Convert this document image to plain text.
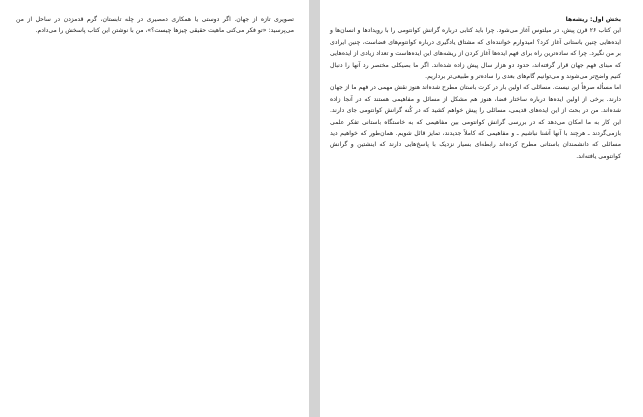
تصویری تازه از جهان. اگر دوستی یا همکاری دمصیری در چله تابستان، گرم قدمزدن در ساحل از من می‌پرسید: «تو فکر می‌کنی ماهیت حقیقی چیزها چیست؟»، من با نوشتن این کتاب پاسخش را می‌دادم.

بخش اول: ریشه‌ها

این کتاب ۲۶ قرن پیش، در میلتوس آغاز می‌شود. چرا باید کتابی درباره گرانش کوانتومی را با رویدادها و انسان‌ها و ایده‌هایی چنین باستانی آغاز کرد؟ امیدوارم خواننده‌ای که مشتاق یادگیری درباره کوانتوم‌های فضاست، چنین ایرادی بر من نگیرد. چرا که ساده‌ترین راه برای فهم ایده‌ها آغاز کردن از ریشه‌های این ایده‌هاست و تعداد زیادی از ایده‌هایی که مبنای فهم جهان قرار گرفته‌اند، حدود دو هزار سال پیش زاده شده‌اند. اگر ما بصیکلی مختصر رد آنها را دنبال کنیم واضح‌تر می‌شوند و می‌توانیم گام‌های بعدی را ساده‌تر و طبیعی‌تر برداریم.

اما مسأله صرفاً این نیست. مسائلی که اولین بار در کرت باستان مطرح شده‌اند هنوز نقش مهمی در فهم ما از جهان دارند. برخی از اولین ایده‌ها درباره ساختار فضا، هنوز هم مشکل از مسائل و مفاهیمی هستند که در آنجا زاده شده‌اند. من در بحث از این ایده‌های قدیمی، مسائلی را پیش خواهم کشید که در کُنه گرانش کوانتومی جای دارند. این کار به ما امکان می‌دهد که در بررسی گرانش کوانتومی بین مفاهیمی که به خاستگاه باستانی تفکر علمی بازمی‌گردند ـ هرچند با آنها آشنا نباشیم ـ و مفاهیمی که کاملاً جدیدند، تمایز قائل شویم. همان‌طور که خواهیم دید مسائلی که دانشمندان باستانی مطرح کرده‌اند رابطه‌ای بسیار نزدیک با پاسخ‌هایی دارند که اینشتین و گرانش کوانتومی یافته‌اند.
